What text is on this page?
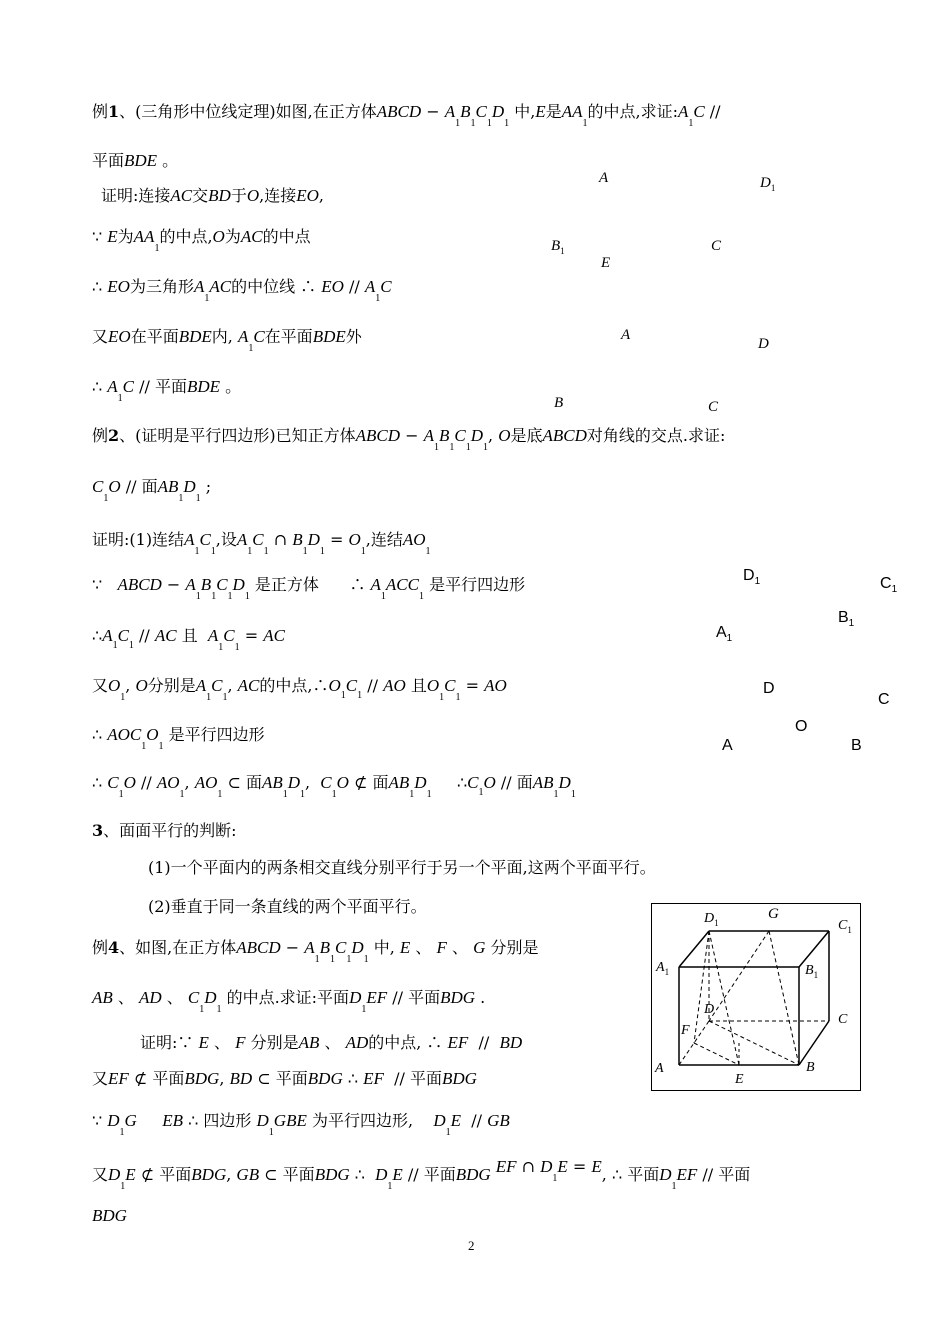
例1、(三角形中位线定理)如图,在正方体ABCD − $A_1B_1C_1D_1$ 中,E是$AA_1$的中点,求证$:A_1C$ //
平面BDE 。
证明:连接AC交BD于O,连接EO,
∵ E为$AA_1$的中点,O为AC的中点
∴ EO为三角形$A_1AC$的中位线 ∴ EO // $A_1C$
又EO在平面BDE内, $A_1C$在平面BDE外
∴ $A_1C$ // 平面BDE 。
A	$D_1$
$B_1$	C
E
A
D
B	C
例2、(证明是平行四边形)已知正方体ABCD − $A_1B_1C_1D_1$, O是底ABCD对角线的交点.求证:
$C_1O$ // 面$AB_1D_1$ ;
证明:(1)连结$A_1C_1$,设$A_1C_1$ ∩ $B_1D_1 = O_1$,连结$AO_1$
∵   ABCD − $A_1B_1C_1D_1$ 是正方体      ∴ $A_1ACC_1$ 是平行四边形
$\therefore A_1C_1$ // AC 且 $A_1C_1$ = AC
又$O_1$, O分别是$A_1C_1$, AC的中点$,\therefore O_1C_1$ // AO 且$O_1C_1$ = AO
∴ $AOC_1O_1$ 是平行四边形
∴ $C_1O // AO_1$, $AO_1$ ⊂ 面$AB_1D_1$, $C_1O$ ⊄ 面$AB_1D_1$     $\therefore C_1O$ // 面$AB_1D_1$
$D_1$	$C_1$
$B_1$
$A_1$
D
C
O
A	B
3、面面平行的判断:
(1)一个平面内的两条相交直线分别平行于另一个平面,这两个平面平行。
(2)垂直于同一条直线的两个平面平行。
例4、如图,在正方体ABCD − $A_1B_1C_1D_1$ 中, E 、 F 、 G 分别是
AB 、 AD 、 $C_1D_1$ 的中点.求证:平面$D_1EF$ // 平面BDG .
证明:∵ E 、 F 分别是AB 、 AD的中点, ∴ EF  //  BD
又EF ⊄ 平面BDG, BD ⊂ 平面BDG ∴ EF  // 平面BDG
∵ $D_1G$ EB ∴ 四边形 $D_1GBE$ 为平行四边形, $D_1E$  // GB
又$D_1E$ ⊄ 平面BDG, GB ⊂ 平面BDG ∴  $D_1E$ // 平面BDG EF ∩ $D_1E = E$, ∴ 平面$D_1EF$ // 平面
BDG
$D_1$
G
$C_1$
$A_1$	$B_1$
D
C
F
A
E
B
2
